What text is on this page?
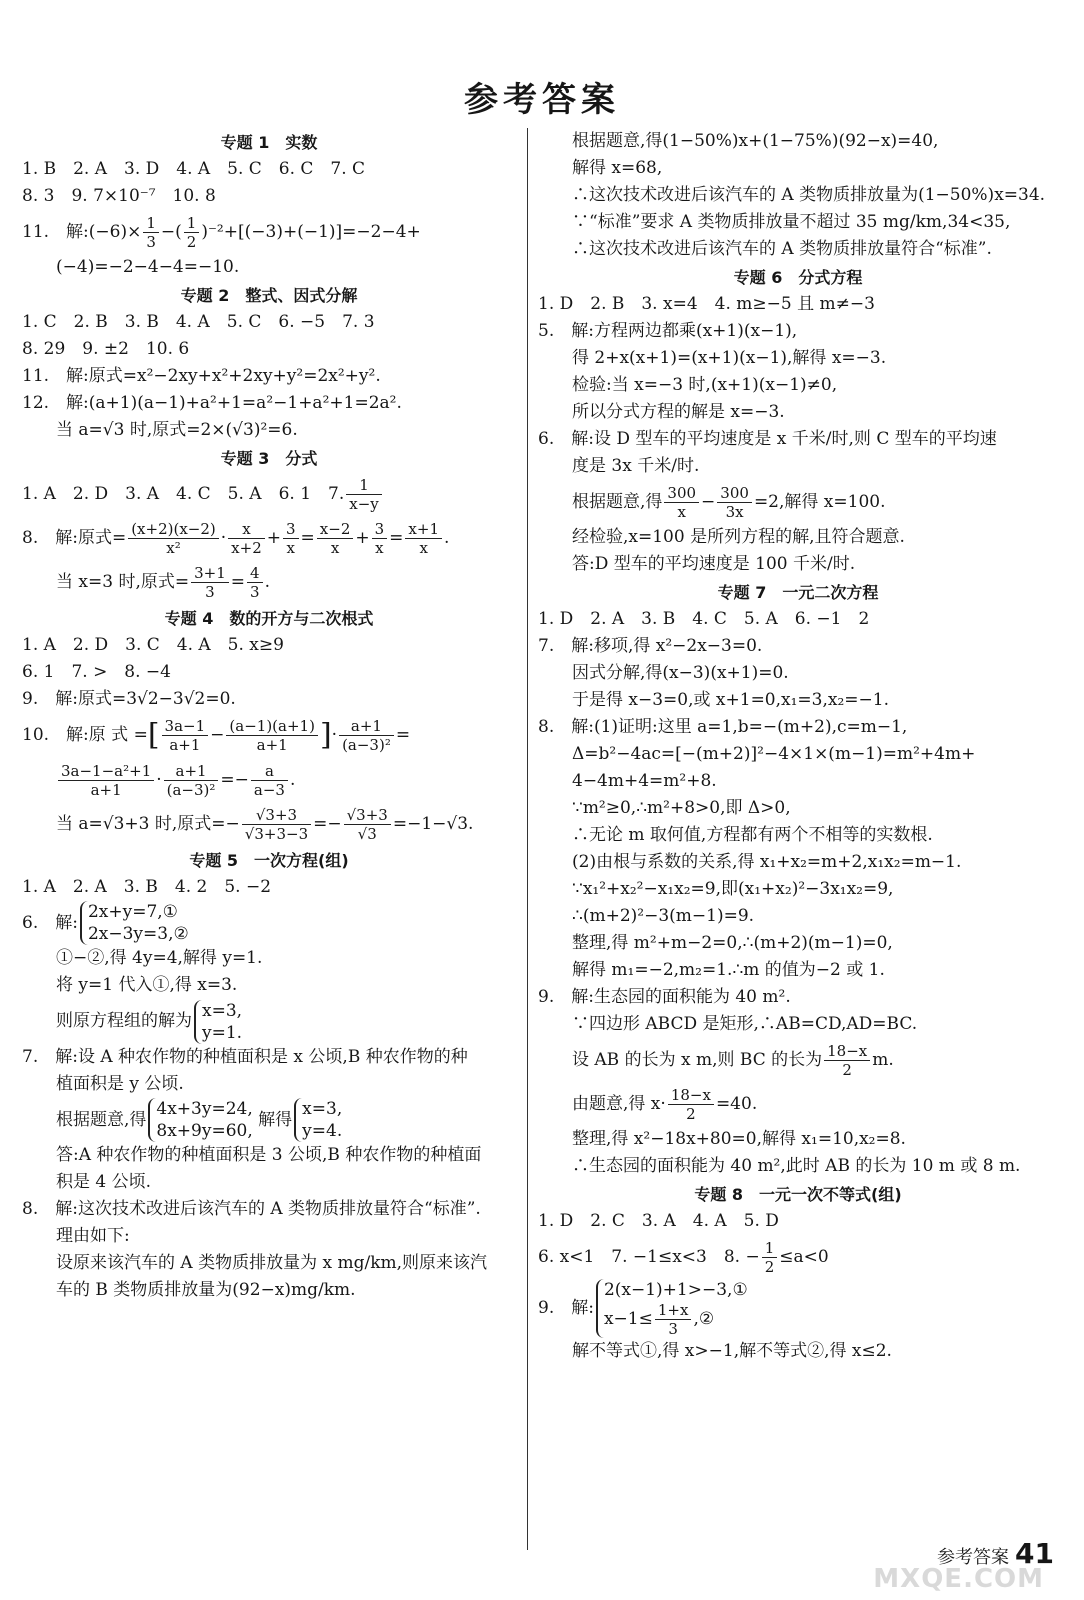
参考答案
专题 1　实数
1. B　2. A　3. D　4. A　5. C　6. C　7. C
8. 3　9. 7×10⁻⁷　10. 8
11.　解:(−6)× $\frac{1}{3}$ −( $\frac{1}{2} )^{-2}+[(-3)+(-1)]=-2-4+$
(−4)=−2−4−4=−10.
专题 2　整式、因式分解
1. C　2. B　3. B　4. A　5. C　6. −5　7. 3
8. 29　9. ±2　10. 6
11.　解:原式=x²−2xy+x²+2xy+y²=2x²+y².
12.　解:(a+1)(a−1)+a²+1=a²−1+a²+1=2a².
当 a=√3 时,原式=2×(√3)²=6.
专题 3　分式
1. A　2. D　3. A　4. C　5. A　6. 1　7. $\frac{1}{x-y}$
8.　解:原式= $\frac{(x+2)(x-2)}{\text{x²}} \cdot \frac{x}{x+2} + \frac{3}{x} = \frac{x-2}{x} + \frac{3}{x} = \frac{x+1}{x}$ .
当 x=3 时,原式= $\frac{3+1}{3} = \frac{4}{3}$ .
专题 4　数的开方与二次根式
1. A　2. D　3. C　4. A　5. x≥9
6. 1　7. >　8. −4
9.　解:原式=3√2−3√2=0.
10.　解:原 式 =[ $\frac{3a-1}{a+1} - \frac{(a-1)(a+1)}{a+1}$ ]· $\frac{a+1}{\text{(a−3)²}}$ =
$\frac{\text{3a−1−a²+1}}{a+1} \cdot \frac{a+1}{\text{(a−3)²}} =- \frac{a}{a-3}$ .
当 a=√3+3 时,原式=− $\frac{√3+3}{√3+3-3} =- \frac{√3+3}{√3} =-1-√3$.
专题 5　一次方程(组)
1. A　2. A　3. B　4. 2　5. −2
6.　解:
2x+y=7,①
2x−3y=3,②
①−②,得 4y=4,解得 y=1.
将 y=1 代入①,得 x=3.
则原方程组的解为
x=3,
y=1.
7.　解:设 A 种农作物的种植面积是 x 公顷,B 种农作物的种
植面积是 y 公顷.
根据题意,得
4x+3y=24,
8x+9y=60,
解得
x=3,
y=4.
答:A 种农作物的种植面积是 3 公顷,B 种农作物的种植面
积是 4 公顷.
8.　解:这次技术改进后该汽车的 A 类物质排放量符合“标准”.
理由如下:
设原来该汽车的 A 类物质排放量为 x mg/km,则原来该汽
车的 B 类物质排放量为(92−x)mg/km.
根据题意,得(1−50%)x+(1−75%)(92−x)=40,
解得 x=68,
∴这次技术改进后该汽车的 A 类物质排放量为(1−50%)x=34.
∵“标准”要求 A 类物质排放量不超过 35 mg/km,34<35,
∴这次技术改进后该汽车的 A 类物质排放量符合“标准”.
专题 6　分式方程
1. D　2. B　3. x=4　4. m≥−5 且 m≠−3
5.　解:方程两边都乘(x+1)(x−1),
得 2+x(x+1)=(x+1)(x−1),解得 x=−3.
检验:当 x=−3 时,(x+1)(x−1)≠0,
所以分式方程的解是 x=−3.
6.　解:设 D 型车的平均速度是 x 千米/时,则 C 型车的平均速
度是 3x 千米/时.
根据题意,得 $\frac{300}{x} - \frac{300}{3x} =2$,解得 x=100.
经检验,x=100 是所列方程的解,且符合题意.
答:D 型车的平均速度是 100 千米/时.
专题 7　一元二次方程
1. D　2. A　3. B　4. C　5. A　6. −1　2
7.　解:移项,得 x²−2x−3=0.
因式分解,得(x−3)(x+1)=0.
于是得 x−3=0,或 x+1=0,x₁=3,x₂=−1.
8.　解:(1)证明:这里 a=1,b=−(m+2),c=m−1,
Δ=b²−4ac=[−(m+2)]²−4×1×(m−1)=m²+4m+
4−4m+4=m²+8.
∵m²≥0,∴m²+8>0,即 Δ>0,
∴无论 m 取何值,方程都有两个不相等的实数根.
(2)由根与系数的关系,得 x₁+x₂=m+2,x₁x₂=m−1.
∵x₁²+x₂²−x₁x₂=9,即(x₁+x₂)²−3x₁x₂=9,
∴(m+2)²−3(m−1)=9.
整理,得 m²+m−2=0,∴(m+2)(m−1)=0,
解得 m₁=−2,m₂=1.∴m 的值为−2 或 1.
9.　解:生态园的面积能为 40 m².
∵四边形 ABCD 是矩形,∴AB=CD,AD=BC.
设 AB 的长为 x m,则 BC 的长为 $\frac{18-x}{2} m$.
由题意,得 $x\cdot \frac{18-x}{2} =40$.
整理,得 x²−18x+80=0,解得 x₁=10,x₂=8.
∴生态园的面积能为 40 m²,此时 AB 的长为 10 m 或 8 m.
专题 8　一元一次不等式(组)
1. D　2. C　3. A　4. A　5. D
6. x<1　7. −1≤x<3　8. − $\frac{1}{2} \le a<0$
9.　解:
2(x−1)+1>−3,①
$x-1\le \frac{1+x}{3}$ ,②
解不等式①,得 x>−1,解不等式②,得 x≤2.
参考答案 41
MXQE.COM
